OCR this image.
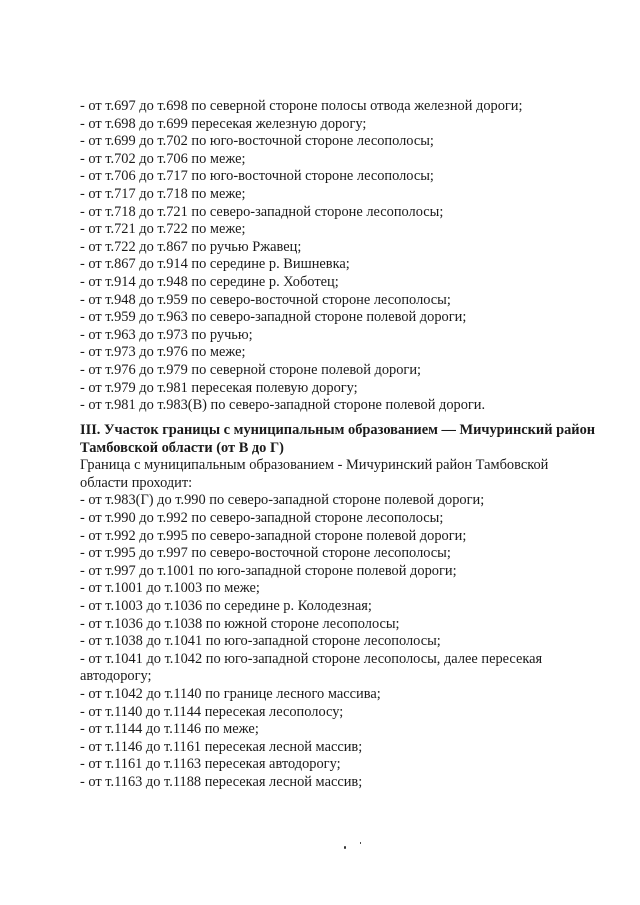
- от т.697 до т.698 по северной стороне полосы отвода железной дороги;
- от т.698 до т.699 пересекая железную дорогу;
- от т.699 до т.702 по юго-восточной стороне лесополосы;
- от т.702 до т.706 по меже;
- от т.706 до т.717 по юго-восточной стороне лесополосы;
- от т.717 до т.718 по меже;
- от т.718 до т.721 по северо-западной стороне лесополосы;
- от т.721 до т.722 по меже;
- от т.722 до т.867 по ручью Ржавец;
- от т.867 до т.914 по середине р. Вишневка;
- от т.914 до т.948 по середине р. Хоботец;
- от т.948 до т.959 по северо-восточной стороне лесополосы;
- от т.959 до т.963 по северо-западной стороне полевой дороги;
- от т.963 до т.973 по ручью;
- от т.973 до т.976 по меже;
- от т.976 до т.979 по северной стороне полевой дороги;
- от т.979 до т.981 пересекая полевую дорогу;
- от т.981 до т.983(В) по северо-западной стороне полевой дороги.
III. Участок границы с муниципальным образованием — Мичуринский район Тамбовской области (от В до Г)
Граница с муниципальным образованием - Мичуринский район Тамбовской области проходит:
- от т.983(Г) до т.990 по северо-западной стороне полевой дороги;
- от т.990 до т.992 по северо-западной стороне лесополосы;
- от т.992 до т.995 по северо-западной стороне полевой дороги;
- от т.995 до т.997 по северо-восточной стороне лесополосы;
- от т.997 до т.1001 по юго-западной стороне полевой дороги;
- от т.1001 до т.1003 по меже;
- от т.1003 до т.1036 по середине р. Колодезная;
- от т.1036 до т.1038 по южной стороне лесополосы;
- от т.1038 до т.1041 по юго-западной стороне лесополосы;
- от т.1041 до т.1042 по юго-западной стороне лесополосы, далее пересекая автодорогу;
- от т.1042 до т.1140 по границе лесного массива;
- от т.1140 до т.1144 пересекая лесополосу;
- от т.1144 до т.1146 по меже;
- от т.1146 до т.1161 пересекая лесной массив;
- от т.1161 до т.1163 пересекая автодорогу;
- от т.1163 до т.1188 пересекая лесной массив;
